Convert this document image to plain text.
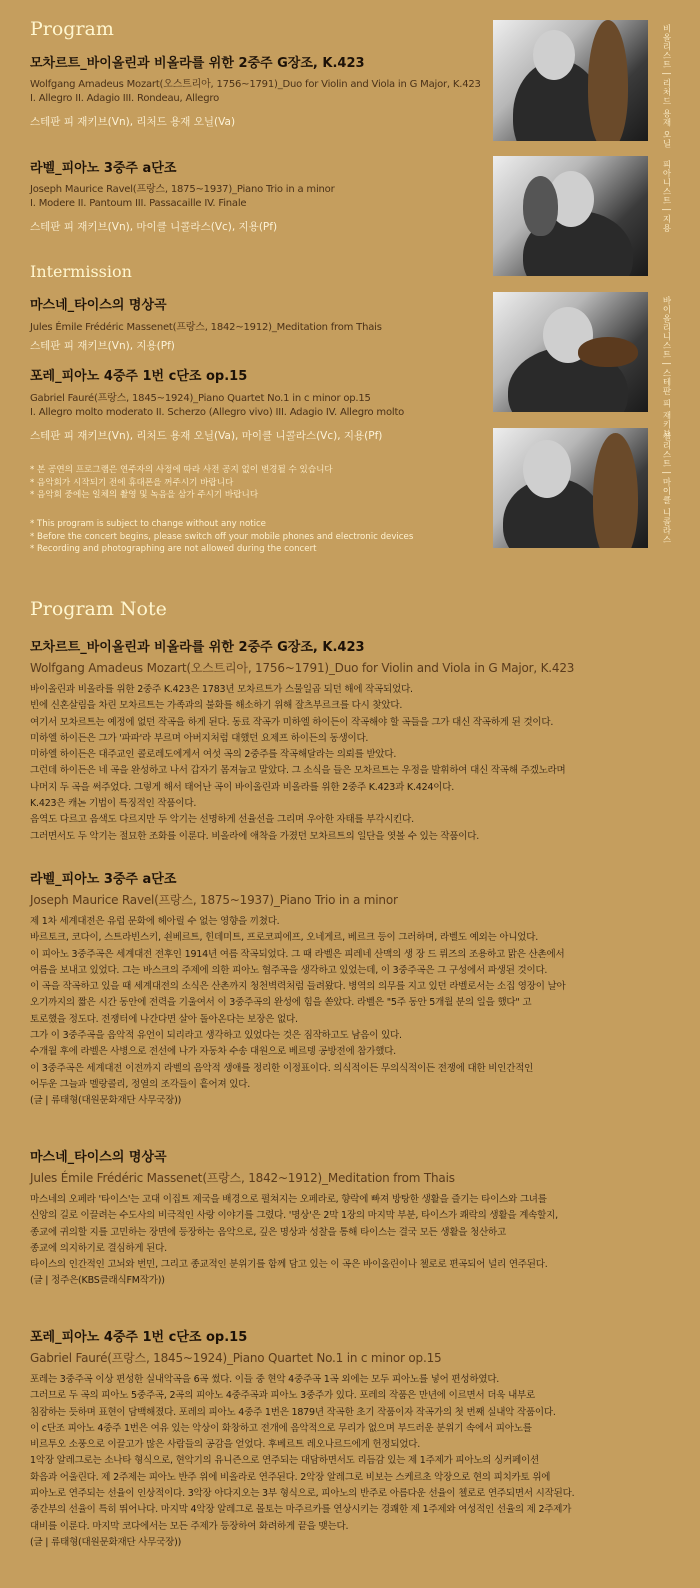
Program
모차르트_바이올린과 비올라를 위한 2중주 G장조, K.423
Wolfgang Amadeus Mozart(오스트리아, 1756~1791)_Duo for Violin and Viola in G Major, K.423
I. Allegro II. Adagio III. Rondeau, Allegro
스테판 피 재키브(Vn), 리처드 용재 오닐(Va)
라벨_피아노 3중주 a단조
Joseph Maurice Ravel(프랑스, 1875~1937)_Piano Trio in a minor
I. Modere II. Pantoum III. Passacaille IV. Finale
스테판 피 재키브(Vn), 마이클 니콜라스(Vc), 지용(Pf)
Intermission
마스네_타이스의 명상곡
Jules Émile Frédéric Massenet(프랑스, 1842~1912)_Meditation from Thais
스테판 피 재키브(Vn), 지용(Pf)
포레_피아노 4중주 1번 c단조 op.15
Gabriel Fauré(프랑스, 1845~1924)_Piano Quartet No.1 in c minor op.15
I. Allegro molto moderato II. Scherzo (Allegro vivo) III. Adagio IV. Allegro molto
스테판 피 재키브(Vn), 리처드 용재 오닐(Va), 마이클 니콜라스(Vc), 지용(Pf)
* 본 공연의 프로그램은 연주자의 사정에 따라 사전 공지 없이 변경될 수 있습니다
* 음악회가 시작되기 전에 휴대폰을 꺼주시기 바랍니다
* 음악회 중에는 일체의 촬영 및 녹음을 삼가 주시기 바랍니다
* This program is subject to change without any notice
* Before the concert begins, please switch off your mobile phones and electronic devices
* Recording and photographing are not allowed during the concert
비올리스트 | 리처드 용재 오닐
피아니스트 | 지용
바이올리니스트 | 스테판 피 재키브
첼리스트 | 마이클 니콜라스
Program Note
모차르트_바이올린과 비올라를 위한 2중주 G장조, K.423
Wolfgang Amadeus Mozart(오스트리아, 1756~1791)_Duo for Violin and Viola in G Major, K.423

바이올린과 비올라를 위한 2중주 K.423은 1783년 모차르트가 스물일곱 되던 해에 작곡되었다.

빈에 신혼살림을 차린 모차르트는 가족과의 불화를 해소하기 위해 잘츠부르크를 다시 찾았다.

여기서 모차르트는 예정에 없던 작곡을 하게 된다. 동료 작곡가 미하엘 하이든이 작곡해야 할 곡들을 그가 대신 작곡하게 된 것이다.

미하엘 하이든은 그가 '파파'라 부르며 아버지처럼 대했던 요제프 하이든의 동생이다.

미하엘 하이든은 대주교인 콜로레도에게서 여섯 곡의 2중주를 작곡해달라는 의뢰를 받았다.

그런데 하이든은 네 곡을 완성하고 나서 갑자기 몸져눕고 말았다. 그 소식을 들은 모차르트는 우정을 발휘하여 대신 작곡해 주겠노라며

나머지 두 곡을 써주었다. 그렇게 해서 태어난 곡이 바이올린과 비올라를 위한 2중주 K.423과 K.424이다.

K.423은 캐논 기법이 특징적인 작품이다.

음역도 다르고 음색도 다르지만 두 악기는 선명하게 선율선을 그리며 우아한 자태를 부각시킨다.

그러면서도 두 악기는 절묘한 조화를 이룬다. 비올라에 애착을 가졌던 모차르트의 일단을 엿볼 수 있는 작품이다.

라벨_피아노 3중주 a단조
Joseph Maurice Ravel(프랑스, 1875~1937)_Piano Trio in a minor

제 1차 세계대전은 유럽 문화에 헤아릴 수 없는 영향을 끼쳤다.

바르토크, 코다이, 스트라빈스키, 쇤베르트, 힌데미트, 프로코피에프, 오네게르, 베르크 등이 그러하며, 라벨도 예외는 아니었다.

이 피아노 3중주곡은 세계대전 전후인 1914년 여름 작곡되었다. 그 때 라벨은 피레네 산맥의 생 장 드 뤼즈의 조용하고 맑은 산촌에서

여름을 보내고 있었다. 그는 바스크의 주제에 의한 피아노 협주곡을 생각하고 있었는데, 이 3중주곡은 그 구성에서 파생된 것이다.

이 곡을 작곡하고 있을 때 세계대전의 소식은 산촌까지 청천벽력처럼 들려왔다. 병역의 의무를 지고 있던 라벨로서는 소집 영장이 날아

오기까지의 짧은 시간 동안에 전력을 기울여서 이 3중주곡의 완성에 힘을 쏟았다. 라벨은 "5주 동안 5개월 분의 일을 했다" 고

토로했을 정도다. 전쟁터에 나간다면 살아 돌아온다는 보장은 없다.

그가 이 3중주곡을 음악적 유언이 되리라고 생각하고 있었다는 것은 짐작하고도 남음이 있다.

수개월 후에 라벨은 사병으로 전선에 나가 자동차 수송 대원으로 베르뎅 공방전에 참가했다.

이 3중주곡은 세계대전 이전까지 라벨의 음악적 생애를 정리한 이정표이다. 의식적이든 무의식적이든 전쟁에 대한 비인간적인

어두운 그늘과 멜랑콜리, 정열의 조각들이 흩어져 있다.

(글 | 류태형(대원문화재단 사무국장))

마스네_타이스의 명상곡
Jules Émile Frédéric Massenet(프랑스, 1842~1912)_Meditation from Thais

마스네의 오페라 '타이스'는 고대 이집트 제국을 배경으로 펼쳐지는 오페라로, 향락에 빠져 방탕한 생활을 즐기는 타이스와 그녀를

신앙의 길로 이끌려는 수도사의 비극적인 사랑 이야기를 그렸다. '명상'은 2막 1장의 마지막 부분, 타이스가 쾌락의 생활을 계속할지,

종교에 귀의할 지를 고민하는 장면에 등장하는 음악으로, 깊은 명상과 성찰을 통해 타이스는 결국 모든 생활을 청산하고

종교에 의지하기로 결심하게 된다.

타이스의 인간적인 고뇌와 번민, 그리고 종교적인 분위기를 함께 담고 있는 이 곡은 바이올린이나 첼로로 편곡되어 널리 연주된다.

(글 | 정주은(KBS클래식FM작가))

포레_피아노 4중주 1번 c단조 op.15
Gabriel Fauré(프랑스, 1845~1924)_Piano Quartet No.1 in c minor op.15

포레는 3중주곡 이상 편성한 실내악곡을 6곡 썼다. 이들 중 현악 4중주곡 1곡 외에는 모두 피아노를 넣어 편성하였다.

그러므로 두 곡의 피아노 5중주곡, 2곡의 피아노 4중주곡과 피아노 3중주가 있다. 포레의 작품은 만년에 이르면서 더욱 내부로

침잠하는 듯하며 표현이 담백해졌다. 포레의 피아노 4중주 1번은 1879년 작곡한 초기 작품이자 작곡가의 첫 번째 실내악 작품이다.

이 c단조 피아노 4중주 1번은 여유 있는 악상이 화창하고 전개에 음악적으로 무리가 없으며 부드러운 분위기 속에서 피아노를

비르투오 소풍으로 이끌고가 많은 사람들의 공감을 얻었다. 후베르트 레오나르드에게 헌정되었다.

1악장 알레그로는 소나타 형식으로, 현악기의 유니즌으로 연주되는 대담하면서도 리듬감 있는 제 1주제가 피아노의 싱커페이션

화음과 어울린다. 제 2주제는 피아노 반주 위에 비올라로 연주된다. 2악장 알레그로 비보는 스케르초 악장으로 현의 피치카토 위에

피아노로 연주되는 선율이 인상적이다. 3악장 아다지오는 3부 형식으로, 피아노의 반주로 아름다운 선율이 첼로로 연주되면서 시작된다.

중간부의 선율이 특히 뛰어나다. 마지막 4악장 알레그로 몰토는 마주르카를 연상시키는 경쾌한 제 1주제와 여성적인 선율의 제 2주제가

대비를 이룬다. 마지막 코다에서는 모든 주제가 등장하여 화려하게 끝을 맺는다.

(글 | 류태형(대원문화재단 사무국장))
